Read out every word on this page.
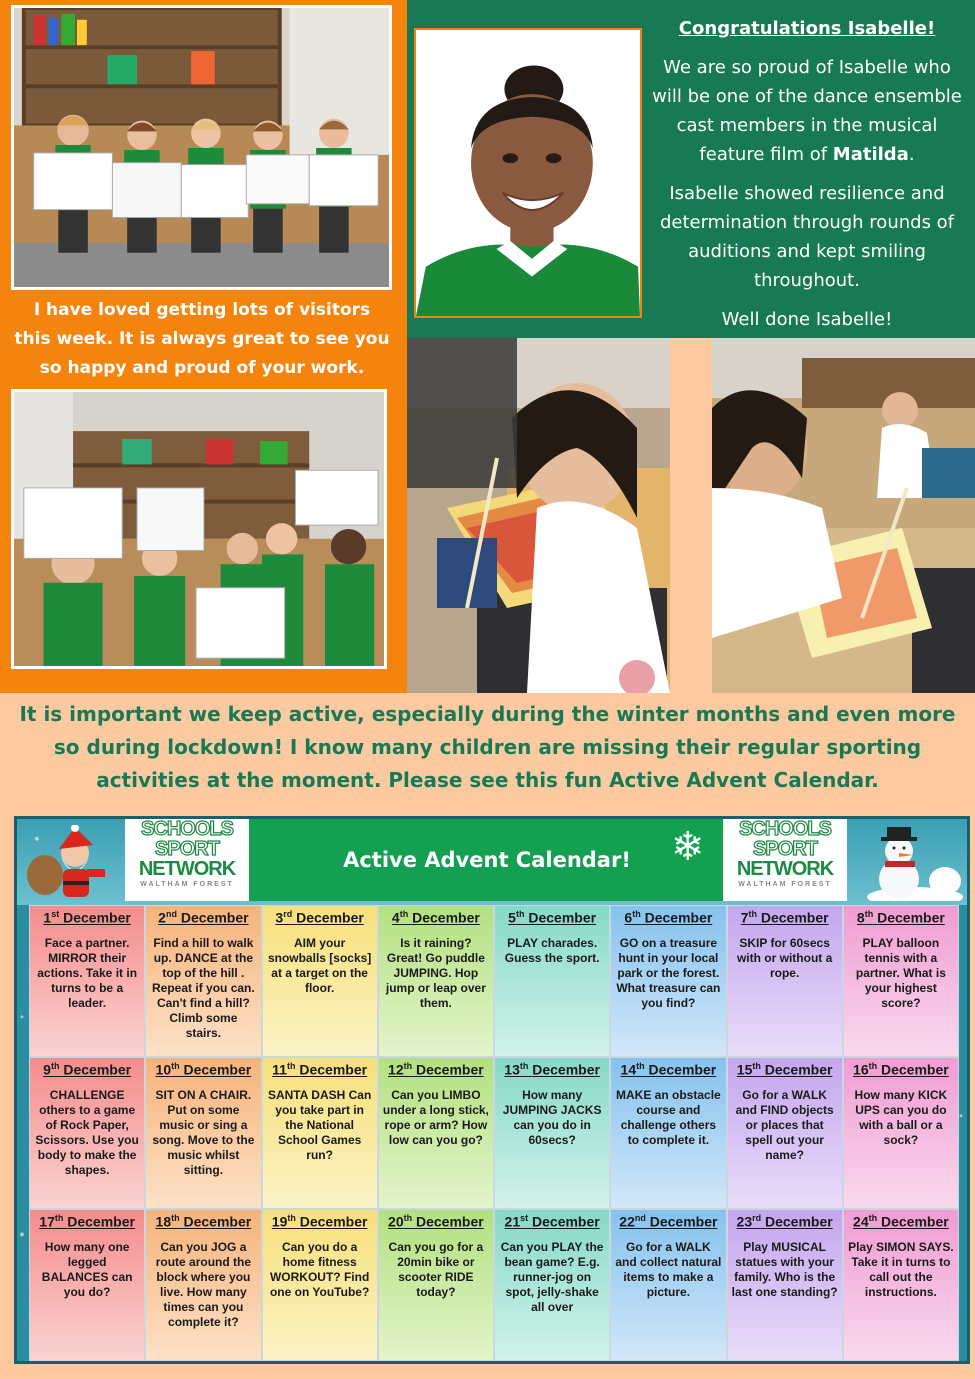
I have loved getting lots of visitors this week. It is always great to see you so happy and proud of your work.
Congratulations Isabelle!

We are so proud of Isabelle who will be one of the dance ensemble cast members in the musical feature film of Matilda.

Isabelle showed resilience and determination through rounds of auditions and kept smiling throughout.

Well done Isabelle!

It is important we keep active, especially during the winter months and even more so during lockdown! I know many children are missing their regular sporting activities at the moment. Please see this fun Active Advent Calendar.
SCHOOLS
SPORT
NETWORK
WALTHAM FOREST
Active Advent Calendar!	❄	SCHOOLS
SPORT
NETWORK
WALTHAM FOREST
1st December
Face a partner. MIRROR their actions. Take it in turns to be a leader.
2nd December
Find a hill to walk up. DANCE at the top of the hill . Repeat if you can. Can't find a hill? Climb some stairs.
3rd December
AIM your snowballs [socks] at a target on the floor.
4th December
Is it raining? Great! Go puddle JUMPING. Hop jump or leap over them.
5th December
PLAY charades. Guess the sport.
6th December
GO on a treasure hunt in your local park or the forest. What treasure can you find?
7th December
SKIP for 60secs with or without a rope.
8th December
PLAY balloon tennis with a partner. What is your highest score?
9th December
CHALLENGE others to a game of Rock Paper, Scissors. Use you body to make the shapes.
10th December
SIT ON A CHAIR. Put on some music or sing a song. Move to the music whilst sitting.
11th December
SANTA DASH Can you take part in the National School Games run?
12th December
Can you LIMBO under a long stick, rope or arm? How low can you go?
13th December
How many JUMPING JACKS can you do in 60secs?
14th December
MAKE an obstacle course and challenge others to complete it.
15th December
Go for a WALK and FIND objects or places that spell out your name?
16th December
How many KICK UPS can you do with a ball or a sock?
17th December
How many one legged BALANCES can you do?
18th December
Can you JOG a route around the block where you live. How many times can you complete it?
19th December
Can you do a home fitness WORKOUT? Find one on YouTube?
20th December
Can you go for a 20min bike or scooter RIDE today?
21st December
Can you PLAY the bean game? E.g. runner-jog on spot, jelly-shake all over
22nd December
Go for a WALK and collect natural items to make a picture.
23rd December
Play MUSICAL statues with your family. Who is the last one standing?
24th December
Play SIMON SAYS. Take it in turns to call out the instructions.
